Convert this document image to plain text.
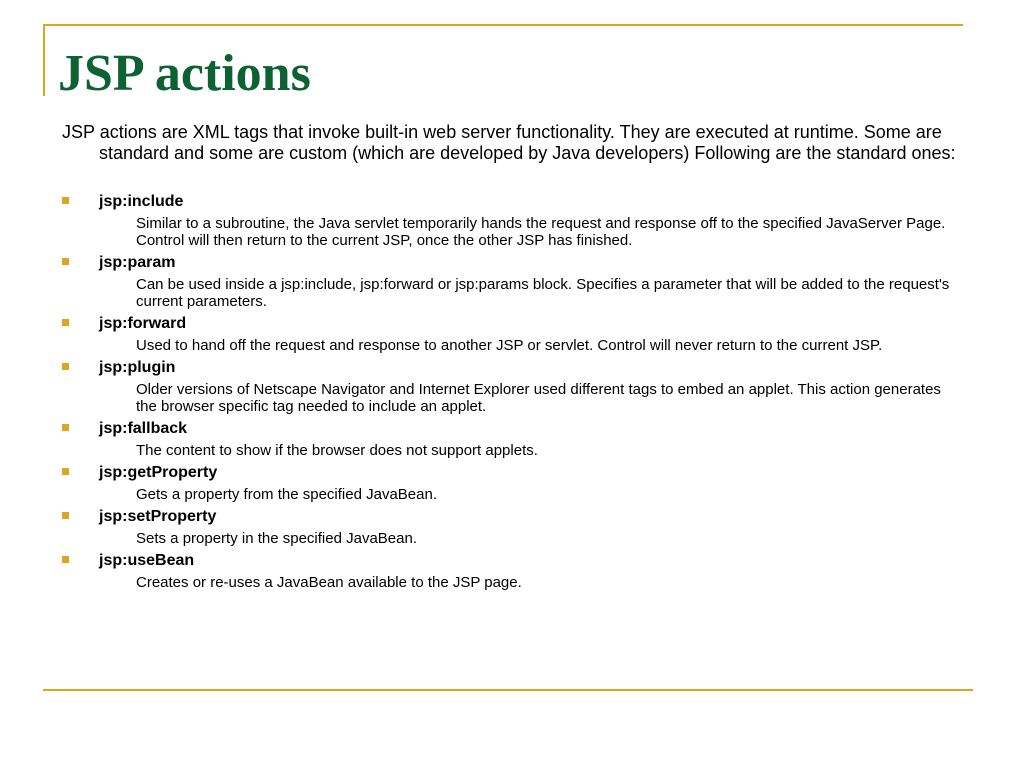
JSP actions

JSP actions are XML tags that invoke built-in web server functionality. They are executed at runtime. Some are standard and some are custom (which are developed by Java developers) Following are the standard ones:

jsp:include
Similar to a subroutine, the Java servlet temporarily hands the request and response off to the specified JavaServer Page. Control will then return to the current JSP, once the other JSP has finished.
jsp:param
Can be used inside a jsp:include, jsp:forward or jsp:params block. Specifies a parameter that will be added to the request's current parameters.
jsp:forward
Used to hand off the request and response to another JSP or servlet. Control will never return to the current JSP.
jsp:plugin
Older versions of Netscape Navigator and Internet Explorer used different tags to embed an applet. This action generates the browser specific tag needed to include an applet.
jsp:fallback
The content to show if the browser does not support applets.
jsp:getProperty
Gets a property from the specified JavaBean.
jsp:setProperty
Sets a property in the specified JavaBean.
jsp:useBean
Creates or re-uses a JavaBean available to the JSP page.
